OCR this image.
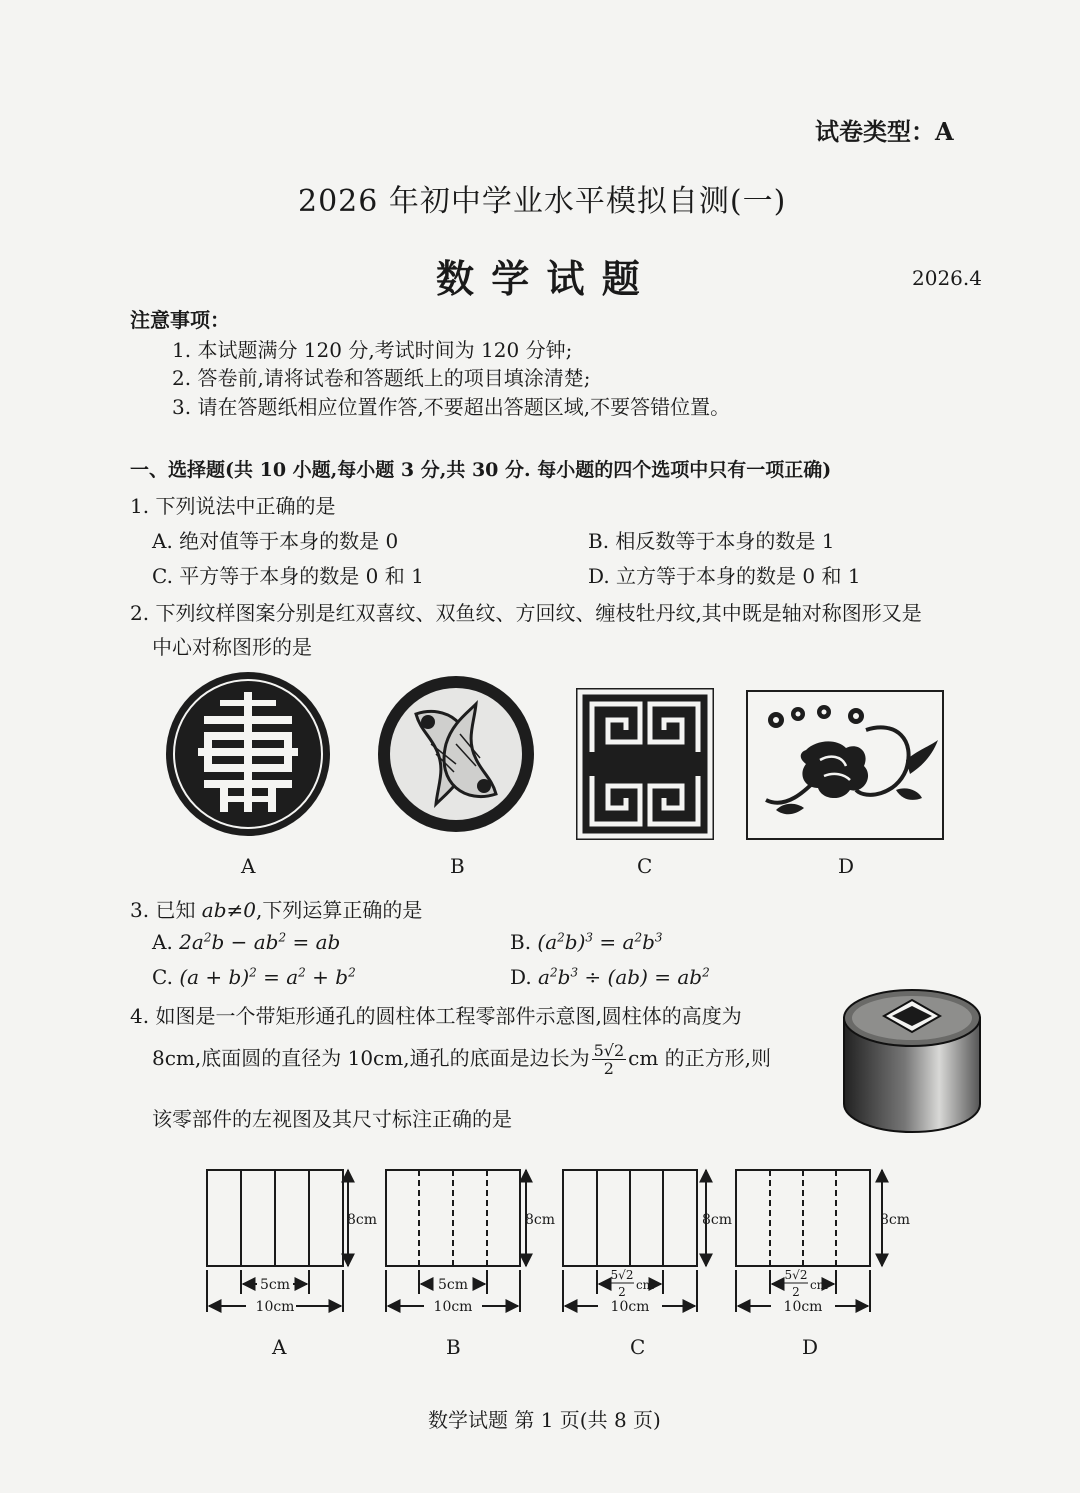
试卷类型：A
2026 年初中学业水平模拟自测(一)
数 学 试 题	2026.4
注意事项：
1. 本试题满分 120 分,考试时间为 120 分钟;
2. 答卷前,请将试卷和答题纸上的项目填涂清楚;
3. 请在答题纸相应位置作答,不要超出答题区域,不要答错位置。
一、选择题(共 10 小题,每小题 3 分,共 30 分. 每小题的四个选项中只有一项正确)
1. 下列说法中正确的是
A. 绝对值等于本身的数是 0	B. 相反数等于本身的数是 1
C. 平方等于本身的数是 0 和 1	D. 立方等于本身的数是 0 和 1
2. 下列纹样图案分别是红双喜纹、双鱼纹、方回纹、缠枝牡丹纹,其中既是轴对称图形又是
中心对称图形的是
A	B	C	D
3. 已知 ab≠0,下列运算正确的是
A. $2a^2b - ab^2$ = ab	B. $(a^2b)^3 = a^2b^3$
C. $(a + b)^2 = a^2 + b^2$	D. $a^2b^3 \div (ab) = ab^2$
4. 如图是一个带矩形通孔的圆柱体工程零部件示意图,圆柱体的高度为
8cm,底面圆的直径为 10cm,通孔的底面是边长为 $\frac{5√2}{2}$ cm 的正方形,则
该零部件的左视图及其尺寸标注正确的是
8cm	8cm	8cm	8cm
5cm	5cm
5√2
2 cm
5√2
2 cm
10cm	10cm	10cm	10cm
A	B	C	D
数学试题 第 1 页(共 8 页)
